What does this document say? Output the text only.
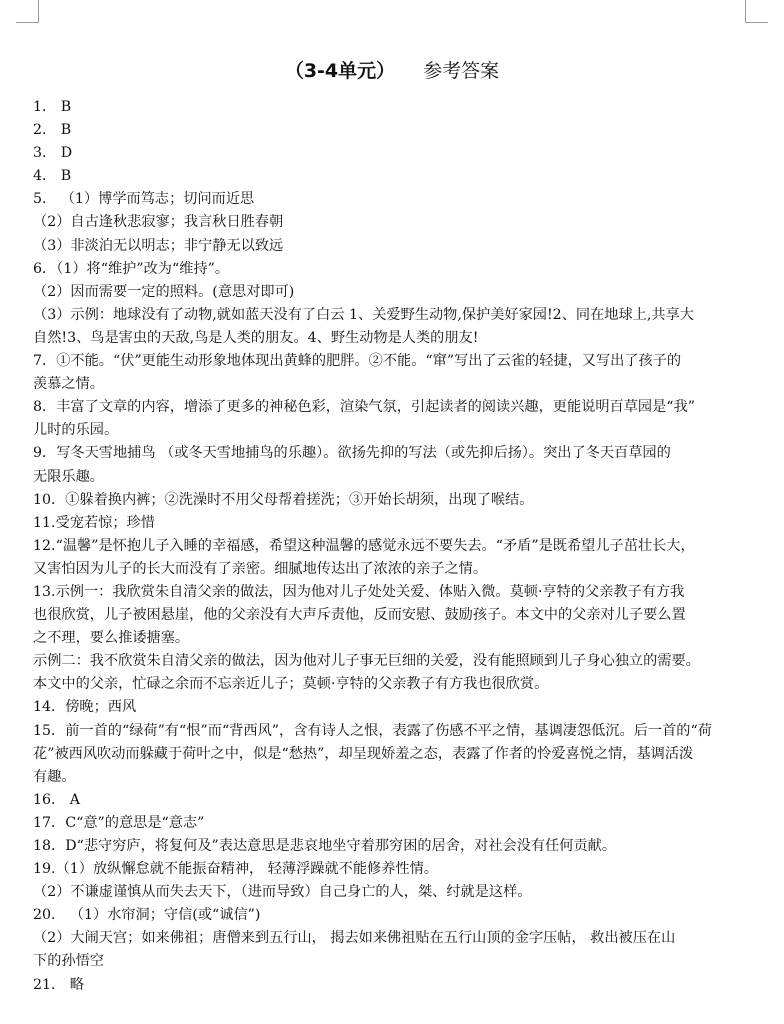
（3-4单元） 参考答案
1． B
2． B
3． D
4． B
5． （1）博学而笃志；切问而近思
（2）自古逢秋悲寂寥；我言秋日胜春朝
（3）非淡泊无以明志；非宁静无以致远
6．（1）将“维护”改为“维持”。
（2）因而需要一定的照料。(意思对即可)
（3）示例：地球没有了动物,就如蓝天没有了白云 1、关爱野生动物,保护美好家园!2、同在地球上,共享大
自然!3、鸟是害虫的天敌,鸟是人类的朋友。4、野生动物是人类的朋友!
7．①不能。“伏”更能生动形象地体现出黄蜂的肥胖。②不能。“窜”写出了云雀的轻捷，又写出了孩子的
羡慕之情。
8．丰富了文章的内容，增添了更多的神秘色彩，渲染气氛，引起读者的阅读兴趣，更能说明百草园是“我”
儿时的乐园。
9．写冬天雪地捕鸟 （或冬天雪地捕鸟的乐趣）。欲扬先抑的写法（或先抑后扬）。突出了冬天百草园的
无限乐趣。
10．①躲着换内裤；②洗澡时不用父母帮着搓洗；③开始长胡须，出现了喉结。
11.受宠若惊；珍惜
12.“温馨”是怀抱儿子入睡的幸福感，希望这种温馨的感觉永远不要失去。“矛盾”是既希望儿子茁壮长大，
又害怕因为儿子的长大而没有了亲密。细腻地传达出了浓浓的亲子之情。
13.示例一：我欣赏朱自清父亲的做法，因为他对儿子处处关爱、体贴入微。莫顿·亨特的父亲教子有方我
也很欣赏，儿子被困悬崖，他的父亲没有大声斥责他，反而安慰、鼓励孩子。本文中的父亲对儿子要么置
之不理，要么推诿搪塞。
示例二：我不欣赏朱自清父亲的做法，因为他对儿子事无巨细的关爱，没有能照顾到儿子身心独立的需要。
本文中的父亲，忙碌之余而不忘亲近儿子；莫顿·亨特的父亲教子有方我也很欣赏。
14．傍晚；西风
15．前一首的“绿荷”有“恨”而“背西风”，含有诗人之恨，表露了伤感不平之情，基调凄怨低沉。后一首的“荷
花”被西风吹动而躲藏于荷叶之中，似是“愁热”，却呈现娇羞之态，表露了作者的怜爱喜悦之情，基调活泼
有趣。
16． A
17．C“意”的意思是“意志”
18．D“悲守穷庐，将复何及”表达意思是悲哀地坐守着那穷困的居舍，对社会没有任何贡献。
19.（1）放纵懈怠就不能振奋精神， 轻薄浮躁就不能修养性情。
（2）不谦虚谨慎从而失去天下，（进而导致）自己身亡的人，桀、纣就是这样。
20． （1）水帘洞；守信(或“诚信”)
（2）大闹天宫；如来佛祖；唐僧来到五行山， 揭去如来佛祖贴在五行山顶的金字压帖， 救出被压在山
下的孙悟空
21． 略
